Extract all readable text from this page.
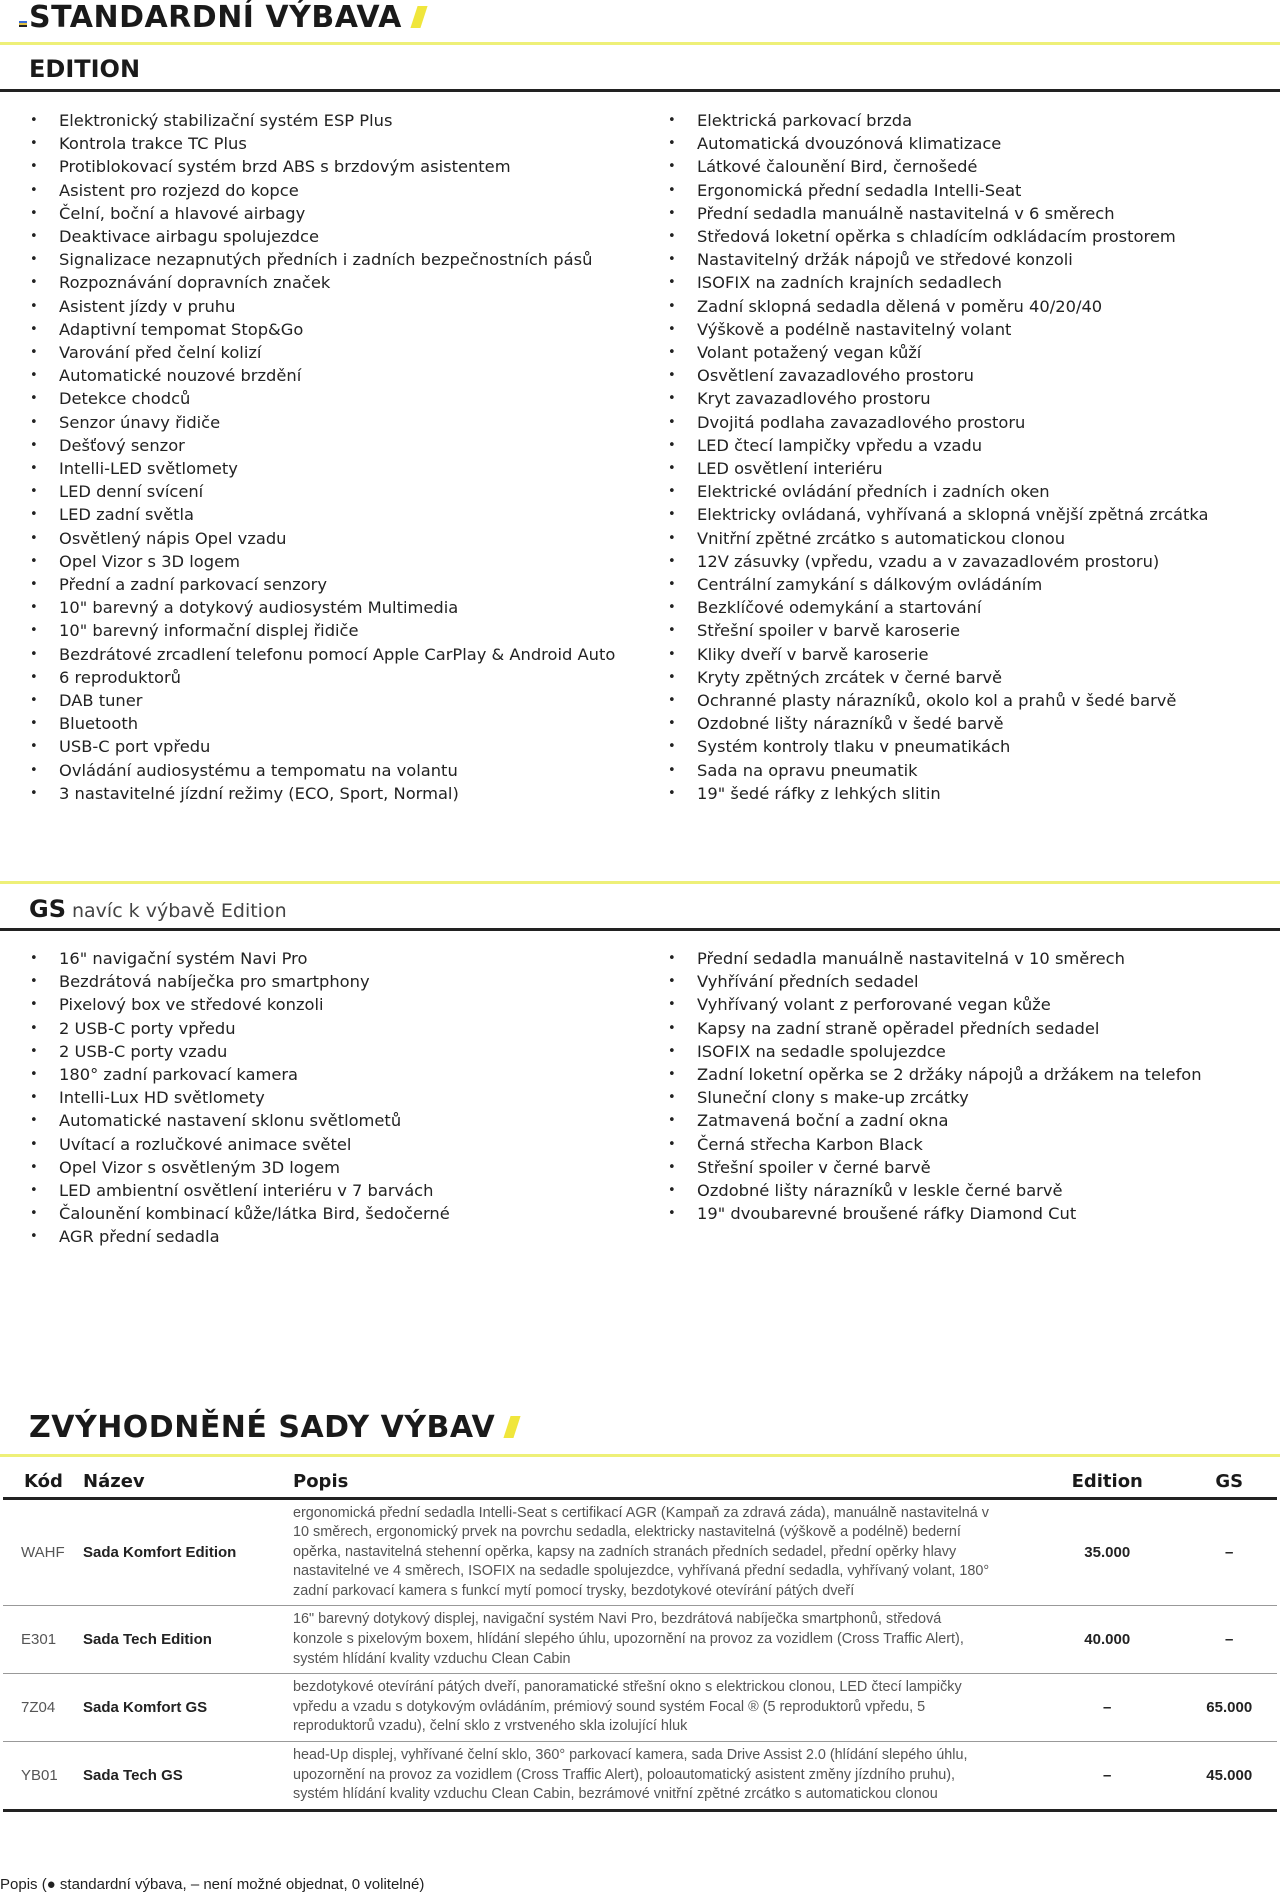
STANDARDNÍ VÝBAVA
EDITION
• Elektronický stabilizační systém ESP Plus
• Kontrola trakce TC Plus
• Protiblokovací systém brzd ABS s brzdovým asistentem
• Asistent pro rozjezd do kopce
• Čelní, boční a hlavové airbagy
• Deaktivace airbagu spolujezdce
• Signalizace nezapnutých předních i zadních bezpečnostních pásů
• Rozpoznávání dopravních značek
• Asistent jízdy v pruhu
• Adaptivní tempomat Stop&Go
• Varování před čelní kolizí
• Automatické nouzové brzdění
• Detekce chodců
• Senzor únavy řidiče
• Dešťový senzor
• Intelli-LED světlomety
• LED denní svícení
• LED zadní světla
• Osvětlený nápis Opel vzadu
• Opel Vizor s 3D logem
• Přední a zadní parkovací senzory
• 10" barevný a dotykový audiosystém Multimedia
• 10" barevný informační displej řidiče
• Bezdrátové zrcadlení telefonu pomocí Apple CarPlay & Android Auto
• 6 reproduktorů
• DAB tuner
• Bluetooth
• USB-C port vpředu
• Ovládání audiosystému a tempomatu na volantu
• 3 nastavitelné jízdní režimy (ECO, Sport, Normal)
• Elektrická parkovací brzda
• Automatická dvouzónová klimatizace
• Látkové čalounění Bird, černošedé
• Ergonomická přední sedadla Intelli-Seat
• Přední sedadla manuálně nastavitelná v 6 směrech
• Středová loketní opěrka s chladícím odkládacím prostorem
• Nastavitelný držák nápojů ve středové konzoli
• ISOFIX na zadních krajních sedadlech
• Zadní sklopná sedadla dělená v poměru 40/20/40
• Výškově a podélně nastavitelný volant
• Volant potažený vegan kůží
• Osvětlení zavazadlového prostoru
• Kryt zavazadlového prostoru
• Dvojitá podlaha zavazadlového prostoru
• LED čtecí lampičky vpředu a vzadu
• LED osvětlení interiéru
• Elektrické ovládání předních i zadních oken
• Elektricky ovládaná, vyhřívaná a sklopná vnější zpětná zrcátka
• Vnitřní zpětné zrcátko s automatickou clonou
• 12V zásuvky (vpředu, vzadu a v zavazadlovém prostoru)
• Centrální zamykání s dálkovým ovládáním
• Bezklíčové odemykání a startování
• Střešní spoiler v barvě karoserie
• Kliky dveří v barvě karoserie
• Kryty zpětných zrcátek v černé barvě
• Ochranné plasty nárazníků, okolo kol a prahů v šedé barvě
• Ozdobné lišty nárazníků v šedé barvě
• Systém kontroly tlaku v pneumatikách
• Sada na opravu pneumatik
• 19" šedé ráfky z lehkých slitin
GS navíc k výbavě Edition
• 16" navigační systém Navi Pro
• Bezdrátová nabíječka pro smartphony
• Pixelový box ve středové konzoli
• 2 USB-C porty vpředu
• 2 USB-C porty vzadu
• 180° zadní parkovací kamera
• Intelli-Lux HD světlomety
• Automatické nastavení sklonu světlometů
• Uvítací a rozlučkové animace světel
• Opel Vizor s osvětleným 3D logem
• LED ambientní osvětlení interiéru v 7 barvách
• Čalounění kombinací kůže/látka Bird, šedočerné
• AGR přední sedadla
• Přední sedadla manuálně nastavitelná v 10 směrech
• Vyhřívání předních sedadel
• Vyhřívaný volant z perforované vegan kůže
• Kapsy na zadní straně opěradel předních sedadel
• ISOFIX na sedadle spolujezdce
• Zadní loketní opěrka se 2 držáky nápojů a držákem na telefon
• Sluneční clony s make-up zrcátky
• Zatmavená boční a zadní okna
• Černá střecha Karbon Black
• Střešní spoiler v černé barvě
• Ozdobné lišty nárazníků v leskle černé barvě
• 19" dvoubarevné broušené ráfky Diamond Cut
ZVÝHODNĚNÉ SADY VÝBAV
Kód	Název	Popis	Edition	GS
WAHF	Sada Komfort Edition	ergonomická přední sedadla Intelli-Seat s certifikací AGR (Kampaň za zdravá záda), manuálně nastavitelná v 10 směrech, ergonomický prvek na povrchu sedadla, elektricky nastavitelná (výškově a podélně) bederní opěrka, nastavitelná stehenní opěrka, kapsy na zadních stranách předních sedadel, přední opěrky hlavy nastavitelné ve 4 směrech, ISOFIX na sedadle spolujezdce, vyhřívaná přední sedadla, vyhřívaný volant, 180° zadní parkovací kamera s funkcí mytí pomocí trysky, bezdotykové otevírání pátých dveří	35.000	–
E301	Sada Tech Edition	16" barevný dotykový displej, navigační systém Navi Pro, bezdrátová nabíječka smartphonů, středová konzole s pixelovým boxem, hlídání slepého úhlu, upozornění na provoz za vozidlem (Cross Traffic Alert), systém hlídání kvality vzduchu Clean Cabin	40.000	–
7Z04	Sada Komfort GS	bezdotykové otevírání pátých dveří, panoramatické střešní okno s elektrickou clonou, LED čtecí lampičky vpředu a vzadu s dotykovým ovládáním, prémiový sound systém Focal ® (5 reproduktorů vpředu, 5 reproduktorů vzadu), čelní sklo z vrstveného skla izolující hluk	–	65.000
YB01	Sada Tech GS	head-Up displej, vyhřívané čelní sklo, 360° parkovací kamera, sada Drive Assist 2.0 (hlídání slepého úhlu, upozornění na provoz za vozidlem (Cross Traffic Alert), poloautomatický asistent změny jízdního pruhu), systém hlídání kvality vzduchu Clean Cabin, bezrámové vnitřní zpětné zrcátko s automatickou clonou	–	45.000
Popis (● standardní výbava, – není možné objednat, 0 volitelné)
